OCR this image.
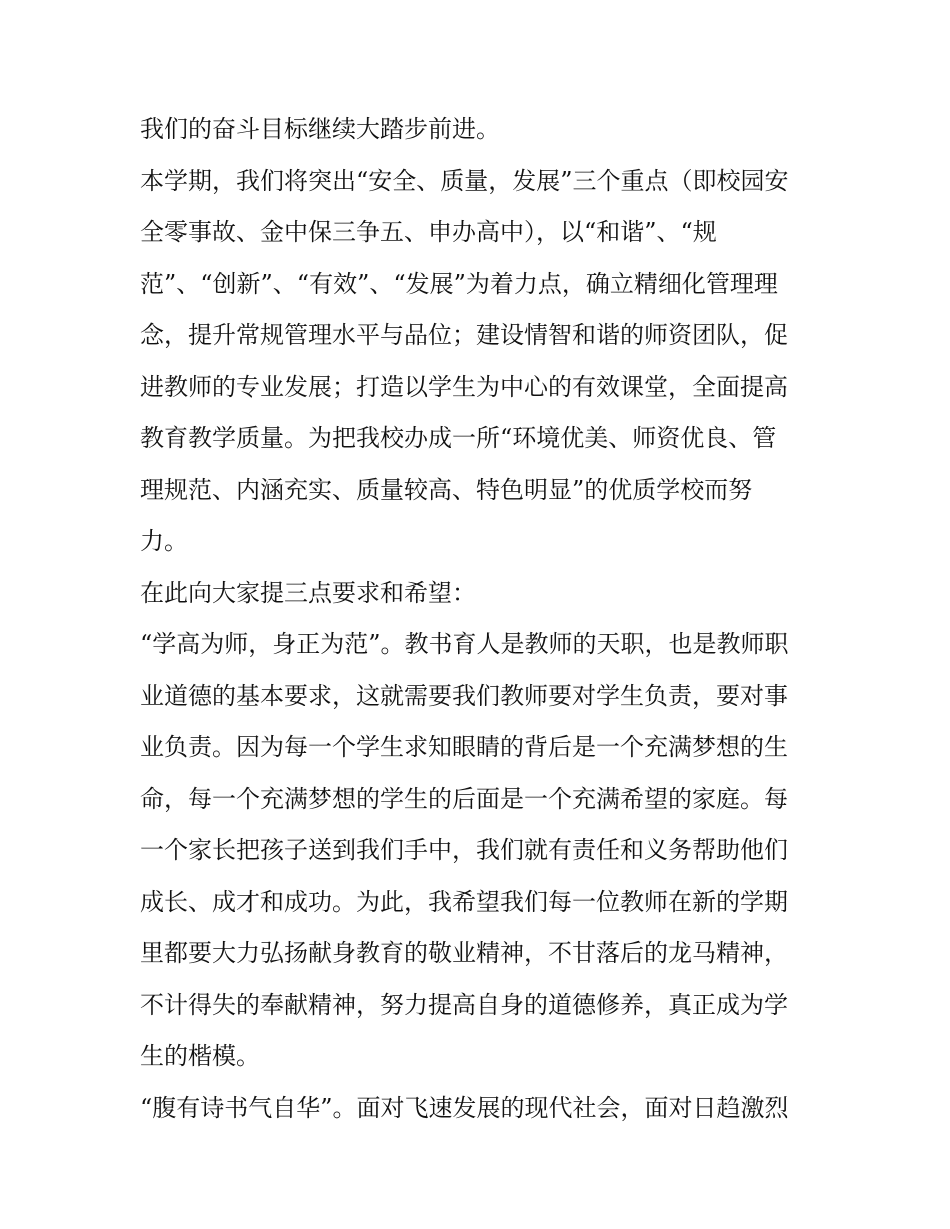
我们的奋斗目标继续大踏步前进。

本学期，我们将突出“安全、质量，发展”三个重点（即校园安
全零事故、金中保三争五、申办高中），以“和谐”、“规
范”、“创新”、“有效”、“发展”为着力点，确立精细化管理理
念，提升常规管理水平与品位；建设情智和谐的师资团队，促
进教师的专业发展；打造以学生为中心的有效课堂，全面提高
教育教学质量。为把我校办成一所“环境优美、师资优良、管
理规范、内涵充实、质量较高、特色明显”的优质学校而努
力。

在此向大家提三点要求和希望：

“学高为师，身正为范”。教书育人是教师的天职，也是教师职
业道德的基本要求，这就需要我们教师要对学生负责，要对事
业负责。因为每一个学生求知眼睛的背后是一个充满梦想的生
命，每一个充满梦想的学生的后面是一个充满希望的家庭。每
一个家长把孩子送到我们手中，我们就有责任和义务帮助他们
成长、成才和成功。为此，我希望我们每一位教师在新的学期
里都要大力弘扬献身教育的敬业精神，不甘落后的龙马精神，
不计得失的奉献精神，努力提高自身的道德修养，真正成为学
生的楷模。

“腹有诗书气自华”。面对飞速发展的现代社会，面对日趋激烈
